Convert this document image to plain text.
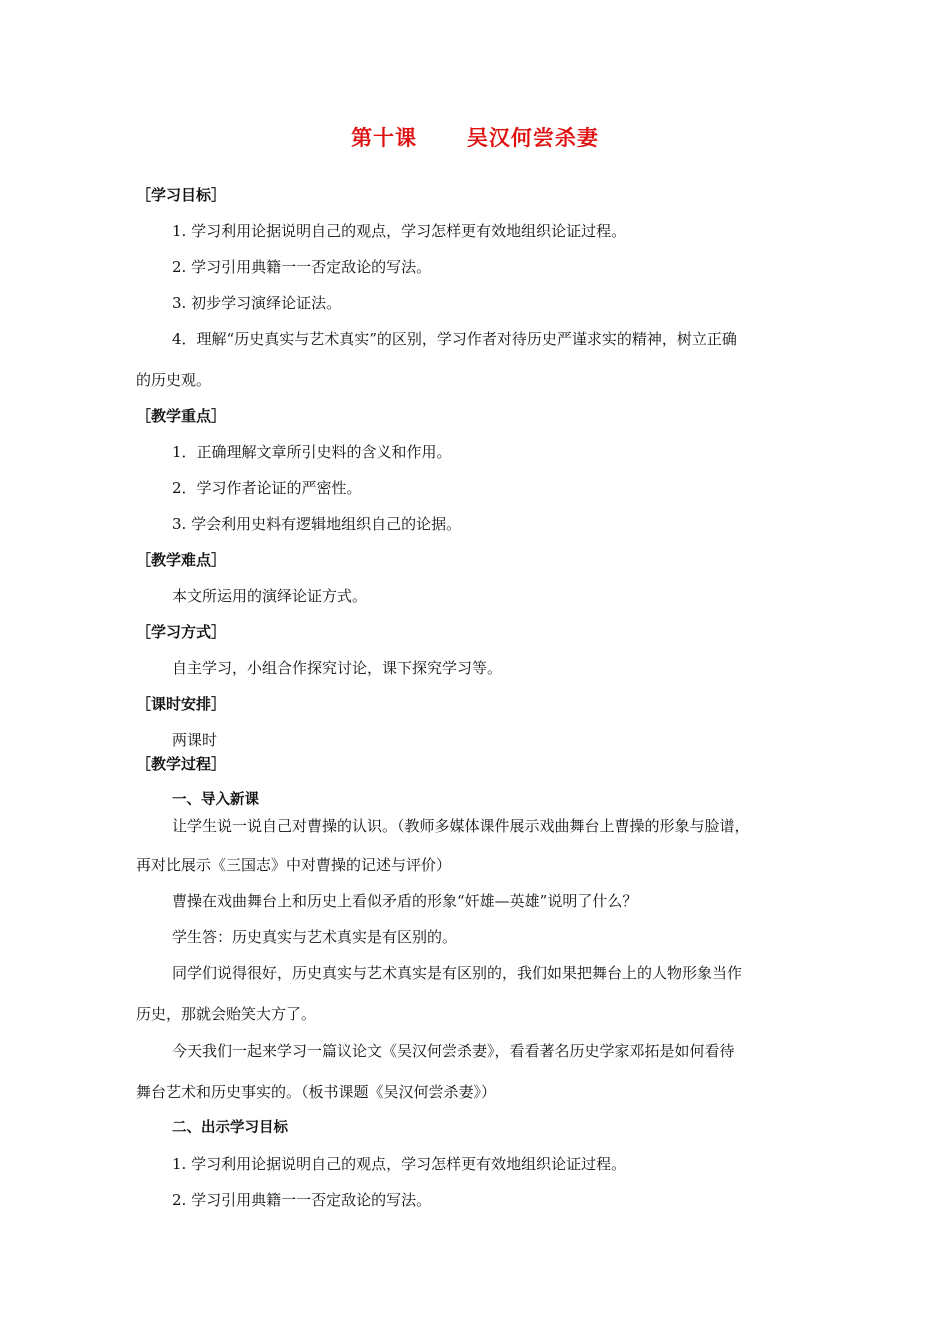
第十课      吴汉何尝杀妻
［学习目标］
1. 学习利用论据说明自己的观点，学习怎样更有效地组织论证过程。
2. 学习引用典籍一一否定敌论的写法。
3. 初步学习演绎论证法。
4．理解“历史真实与艺术真实”的区别，学习作者对待历史严谨求实的精神，树立正确
的历史观。
［教学重点］
1．正确理解文章所引史料的含义和作用。
2．学习作者论证的严密性。
3. 学会利用史料有逻辑地组织自己的论据。
［教学难点］
本文所运用的演绎论证方式。
［学习方式］
自主学习，小组合作探究讨论，课下探究学习等。
［课时安排］
两课时
［教学过程］
一、导入新课
让学生说一说自己对曹操的认识。（教师多媒体课件展示戏曲舞台上曹操的形象与脸谱，
再对比展示《三国志》中对曹操的记述与评价）
曹操在戏曲舞台上和历史上看似矛盾的形象“奸雄—英雄”说明了什么？
学生答：历史真实与艺术真实是有区别的。
同学们说得很好，历史真实与艺术真实是有区别的，我们如果把舞台上的人物形象当作
历史，那就会贻笑大方了。
今天我们一起来学习一篇议论文《吴汉何尝杀妻》，看看著名历史学家邓拓是如何看待
舞台艺术和历史事实的。（板书课题《吴汉何尝杀妻》）
二、出示学习目标
1. 学习利用论据说明自己的观点，学习怎样更有效地组织论证过程。
2. 学习引用典籍一一否定敌论的写法。
